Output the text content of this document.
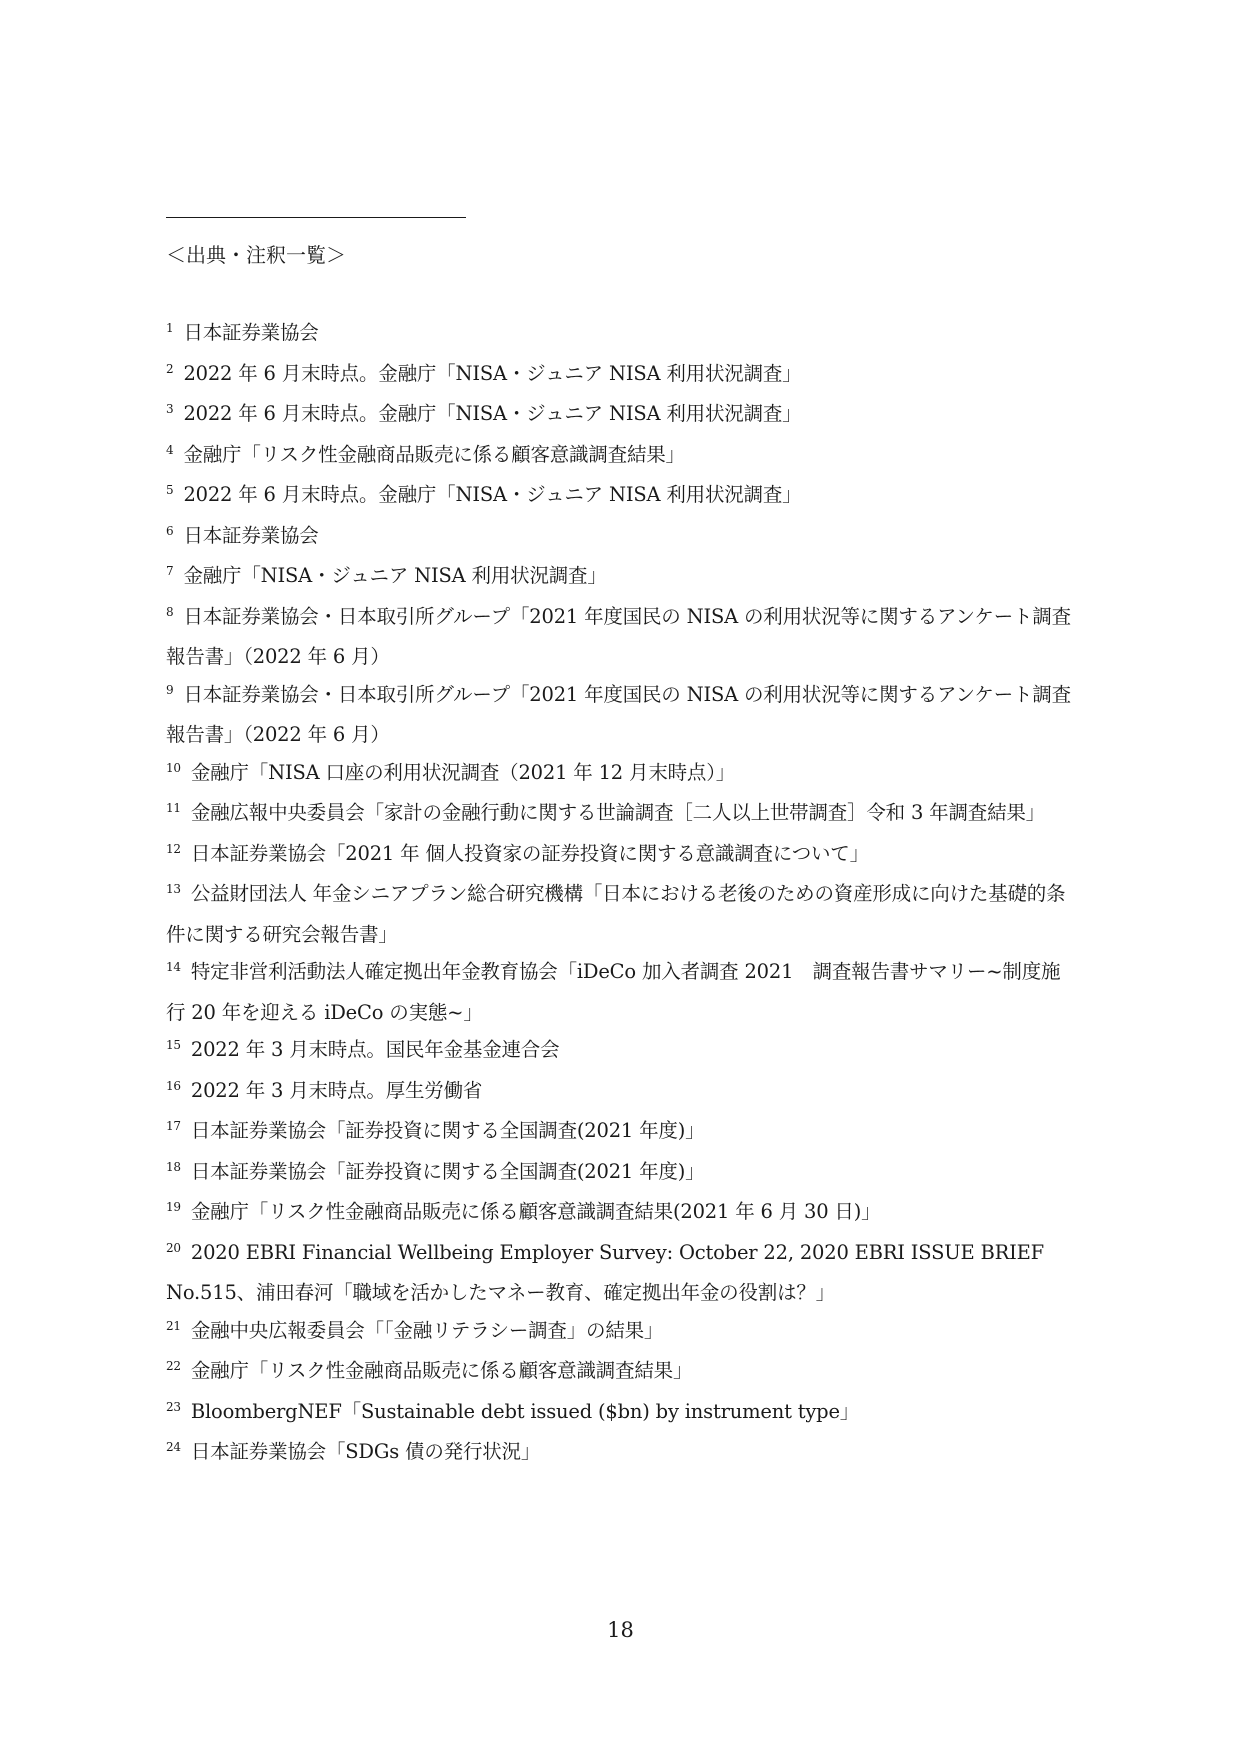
＜出典・注釈一覧＞

$^1$ 日本証券業協会

$^2$ 2022 年 6 月末時点。金融庁「NISA・ジュニア NISA 利用状況調査」

$^3$ 2022 年 6 月末時点。金融庁「NISA・ジュニア NISA 利用状況調査」

$^4$ 金融庁「リスク性金融商品販売に係る顧客意識調査結果」

$^5$ 2022 年 6 月末時点。金融庁「NISA・ジュニア NISA 利用状況調査」

$^6$ 日本証券業協会

$^7$ 金融庁「NISA・ジュニア NISA 利用状況調査」

$^8$ 日本証券業協会・日本取引所グループ「2021 年度国民の NISA の利用状況等に関するアンケート調査報告書」（2022 年 6 月）

$^9$ 日本証券業協会・日本取引所グループ「2021 年度国民の NISA の利用状況等に関するアンケート調査報告書」（2022 年 6 月）

$^{10}$ 金融庁「NISA 口座の利用状況調査（2021 年 12 月末時点）」

$^{11}$ 金融広報中央委員会「家計の金融行動に関する世論調査［二人以上世帯調査］令和 3 年調査結果」

$^{12}$ 日本証券業協会「2021 年 個人投資家の証券投資に関する意識調査について」

$^{13}$ 公益財団法人 年金シニアプラン総合研究機構「日本における老後のための資産形成に向けた基礎的条件に関する研究会報告書」

$^{14}$ 特定非営利活動法人確定拠出年金教育協会「iDeCo 加入者調査 2021　調査報告書サマリー~制度施行 20 年を迎える iDeCo の実態~」

$^{15}$ 2022 年 3 月末時点。国民年金基金連合会

$^{16}$ 2022 年 3 月末時点。厚生労働省

$^{17}$ 日本証券業協会「証券投資に関する全国調査(2021 年度)」

$^{18}$ 日本証券業協会「証券投資に関する全国調査(2021 年度)」

$^{19}$ 金融庁「リスク性金融商品販売に係る顧客意識調査結果(2021 年 6 月 30 日)」

$^{20}$ 2020 EBRI Financial Wellbeing Employer Survey: October 22, 2020 EBRI ISSUE BRIEF No.515、浦田春河「職域を活かしたマネー教育、確定拠出年金の役割は？」

$^{21}$ 金融中央広報委員会「「金融リテラシー調査」の結果」

$^{22}$ 金融庁「リスク性金融商品販売に係る顧客意識調査結果」

$^{23}$ BloombergNEF「Sustainable debt issued ($bn) by instrument type」

$^{24}$ 日本証券業協会「SDGs 債の発行状況」

18
